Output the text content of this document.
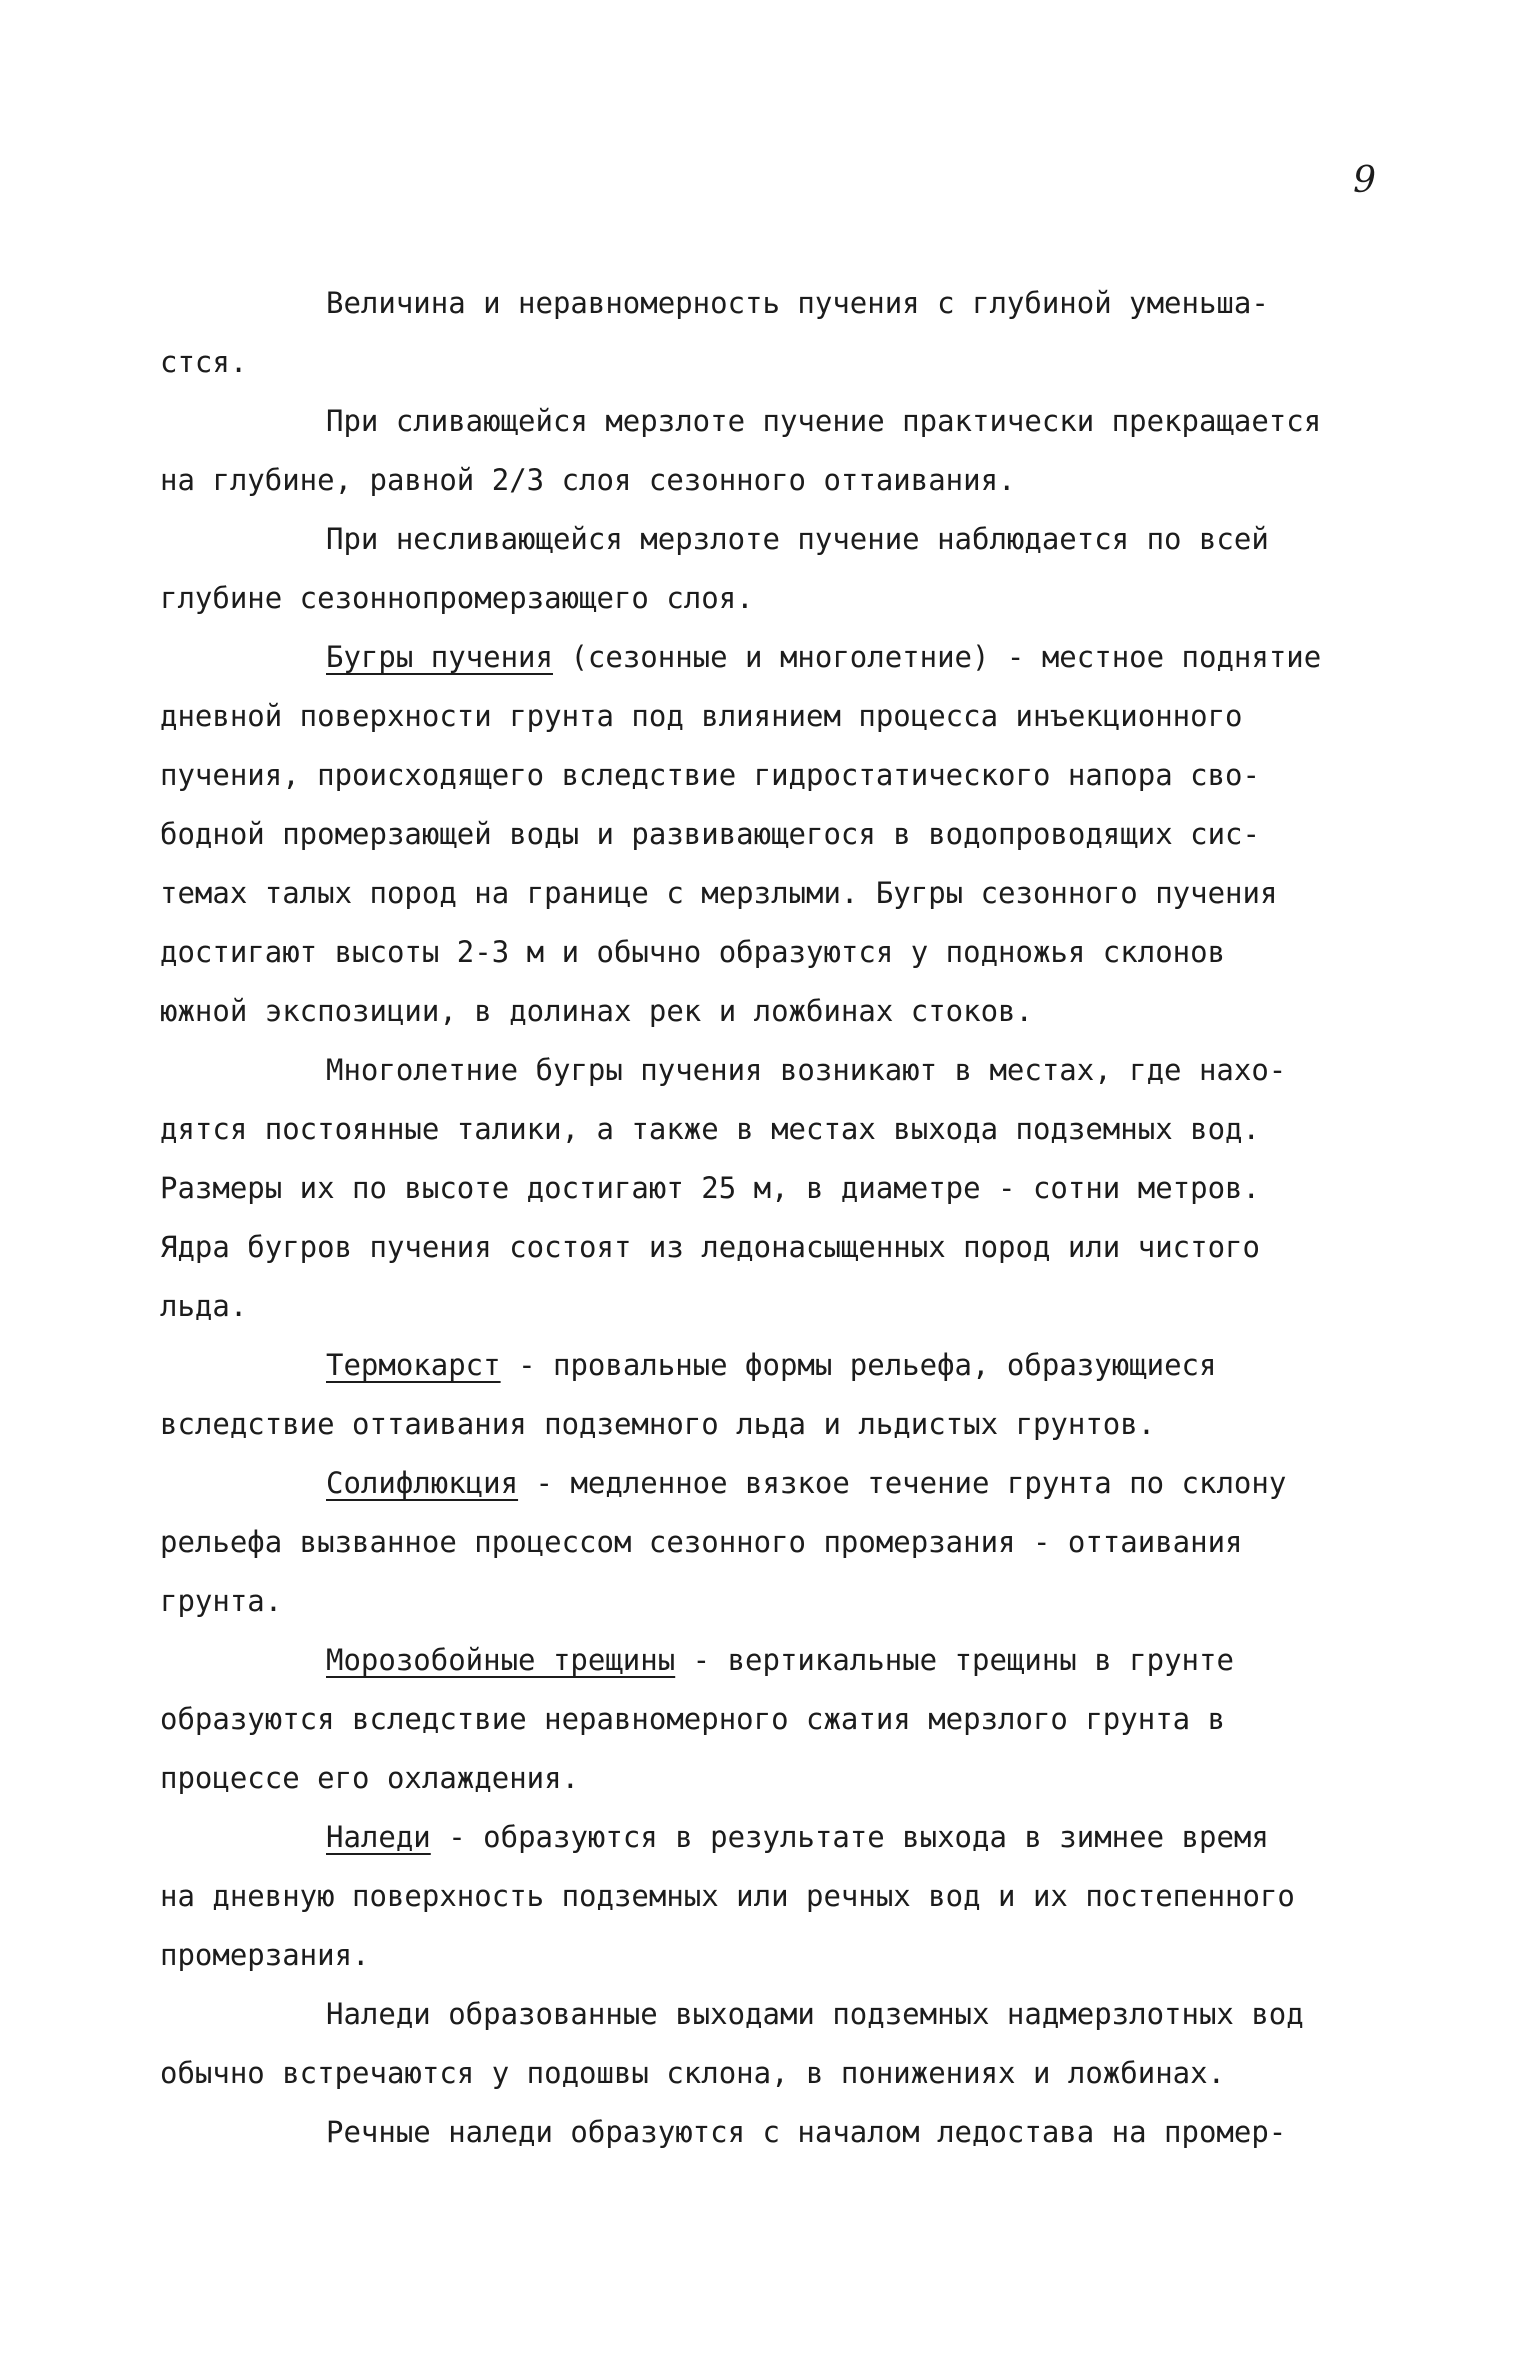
9
Величина и неравномерность пучения с глубиной уменьша-
стся.
При сливающейся мерзлоте пучение практически прекращается
на глубине, равной 2/3 слоя сезонного оттаивания.
При несливающейся мерзлоте пучение наблюдается по всей
глубине сезоннопромерзающего слоя.
Бугры пучения (сезонные и многолетние) - местное поднятие
дневной поверхности грунта под влиянием процесса инъекционного
пучения, происходящего вследствие гидростатического напора сво-
бодной промерзающей воды и развивающегося в водопроводящих сис-
темах талых пород на границе с мерзлыми. Бугры сезонного пучения
достигают высоты 2-3 м и обычно образуются у подножья склонов
южной экспозиции, в долинах рек и ложбинах стоков.
Многолетние бугры пучения возникают в местах, где нахо-
дятся постоянные талики, а также в местах выхода подземных вод.
Размеры их по высоте достигают 25 м, в диаметре - сотни метров.
Ядра бугров пучения состоят из ледонасыщенных пород или чистого
льда.
Термокарст - провальные формы рельефа, образующиеся
вследствие оттаивания подземного льда и льдистых грунтов.
Солифлюкция - медленное вязкое течение грунта по склону
рельефа вызванное процессом сезонного промерзания - оттаивания
грунта.
Морозобойные трещины - вертикальные трещины в грунте
образуются вследствие неравномерного сжатия мерзлого грунта в
процессе его охлаждения.
Наледи - образуются в результате выхода в зимнее время
на дневную поверхность подземных или речных вод и их постепенного
промерзания.
Наледи образованные выходами подземных надмерзлотных вод
обычно встречаются у подошвы склона, в понижениях и ложбинах.
Речные наледи образуются с началом ледостава на промер-
